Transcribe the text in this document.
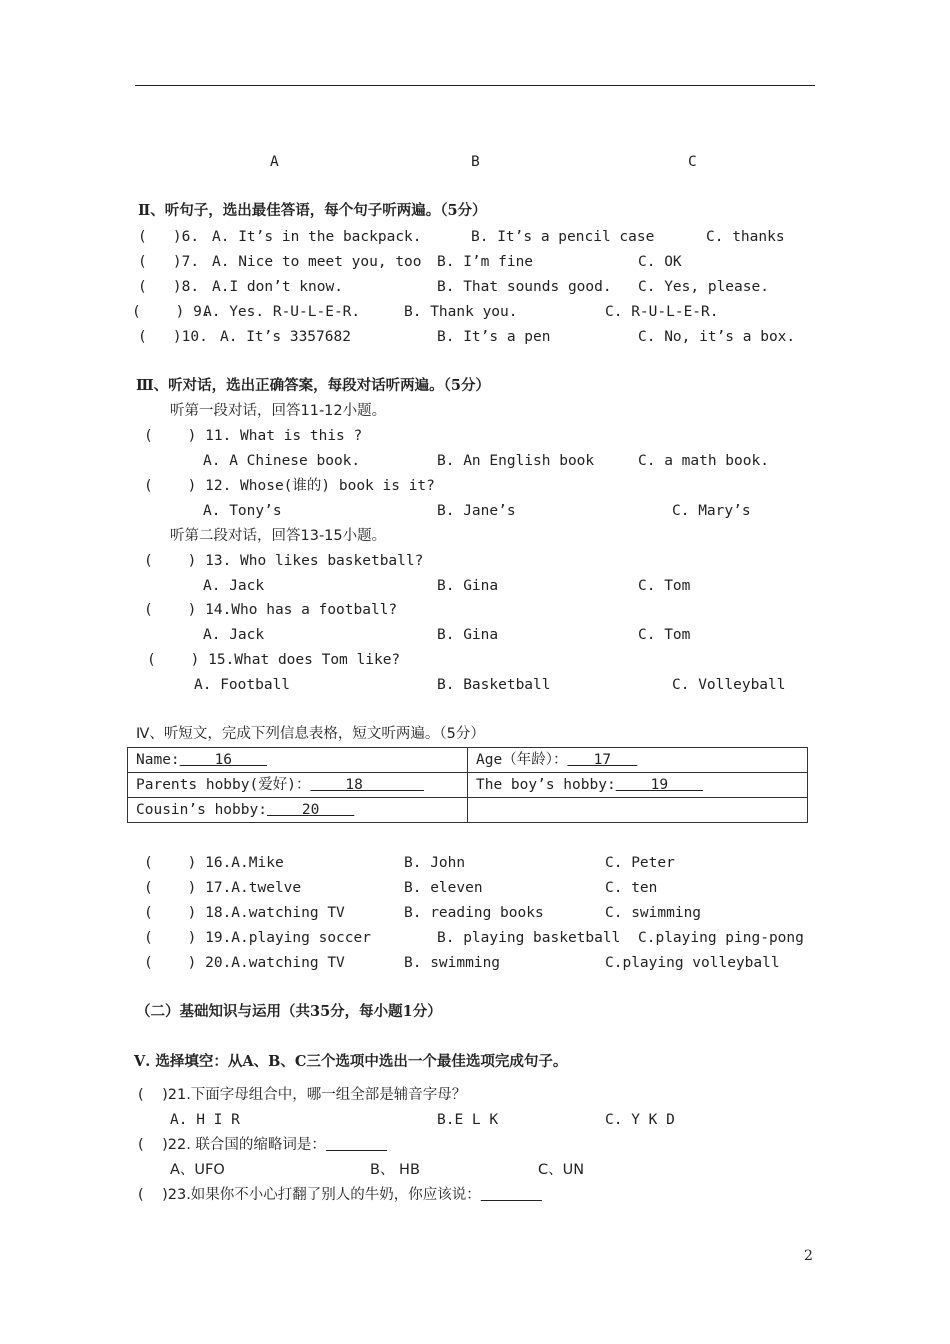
A	B	C
Ⅱ、听句子，选出最佳答语，每个句子听两遍。（5分）
(   )6. A. It’s in the backpack.	B. It’s a pencil case	C. thanks
(   )7. A. Nice to meet you, too B. I’m fine	C. OK
(   )8. A.I don’t know.	B. That sounds good. C. Yes, please.
(    ) 9.
A. Yes. R-U-L-E-R.	B. Thank you.	C. R-U-L-E-R.
(   )10. A. It’s 3357682	B. It’s a pen	C. No, it’s a box.
Ⅲ、听对话，选出正确答案，每段对话听两遍。（5分）
听第一段对话，回答11-12小题。
(    ) 11. What is this ?
A. A Chinese book.	B. An English book	C. a math book.
(    ) 12. Whose(谁的) book is it?
A. Tony’s	B. Jane’s	C. Mary’s
听第二段对话，回答13-15小题。
(    ) 13. Who likes basketball?
A. Jack	B. Gina	C. Tom
(    ) 14.Who has a football?
A. Jack	B. Gina	C. Tom
(    ) 15.What does Tom like?
A. Football	B. Basketball	C. Volleyball
Ⅳ、听短文，完成下列信息表格，短文听两遍。（5分）
Name:    16	Age（年龄）：   17
Parents hobby(爱好)：    18	The boy’s hobby:    19
Cousin’s hobby:    20	
(    ) 16.A.Mike	B. John	C. Peter
(    ) 17.A.twelve	B. eleven	C. ten
(    ) 18.A.watching TV	B. reading books	C. swimming
(    ) 19.A.playing soccer	B. playing basketball C.playing ping-pong
(    ) 20.A.watching TV	B. swimming	C.playing volleyball
（二）基础知识与运用（共35分，每小题1分）
Ⅴ. 选择填空：从A、B、C三个选项中选出一个最佳选项完成句子。
(    )21.下面字母组合中，哪一组全部是辅音字母？
A. H I R	B.E L K	C. Y K D
(    )22. 联合国的缩略词是：
A、UFO	B、 HB	C、UN
(    )23.如果你不小心打翻了别人的牛奶，你应该说：
2
